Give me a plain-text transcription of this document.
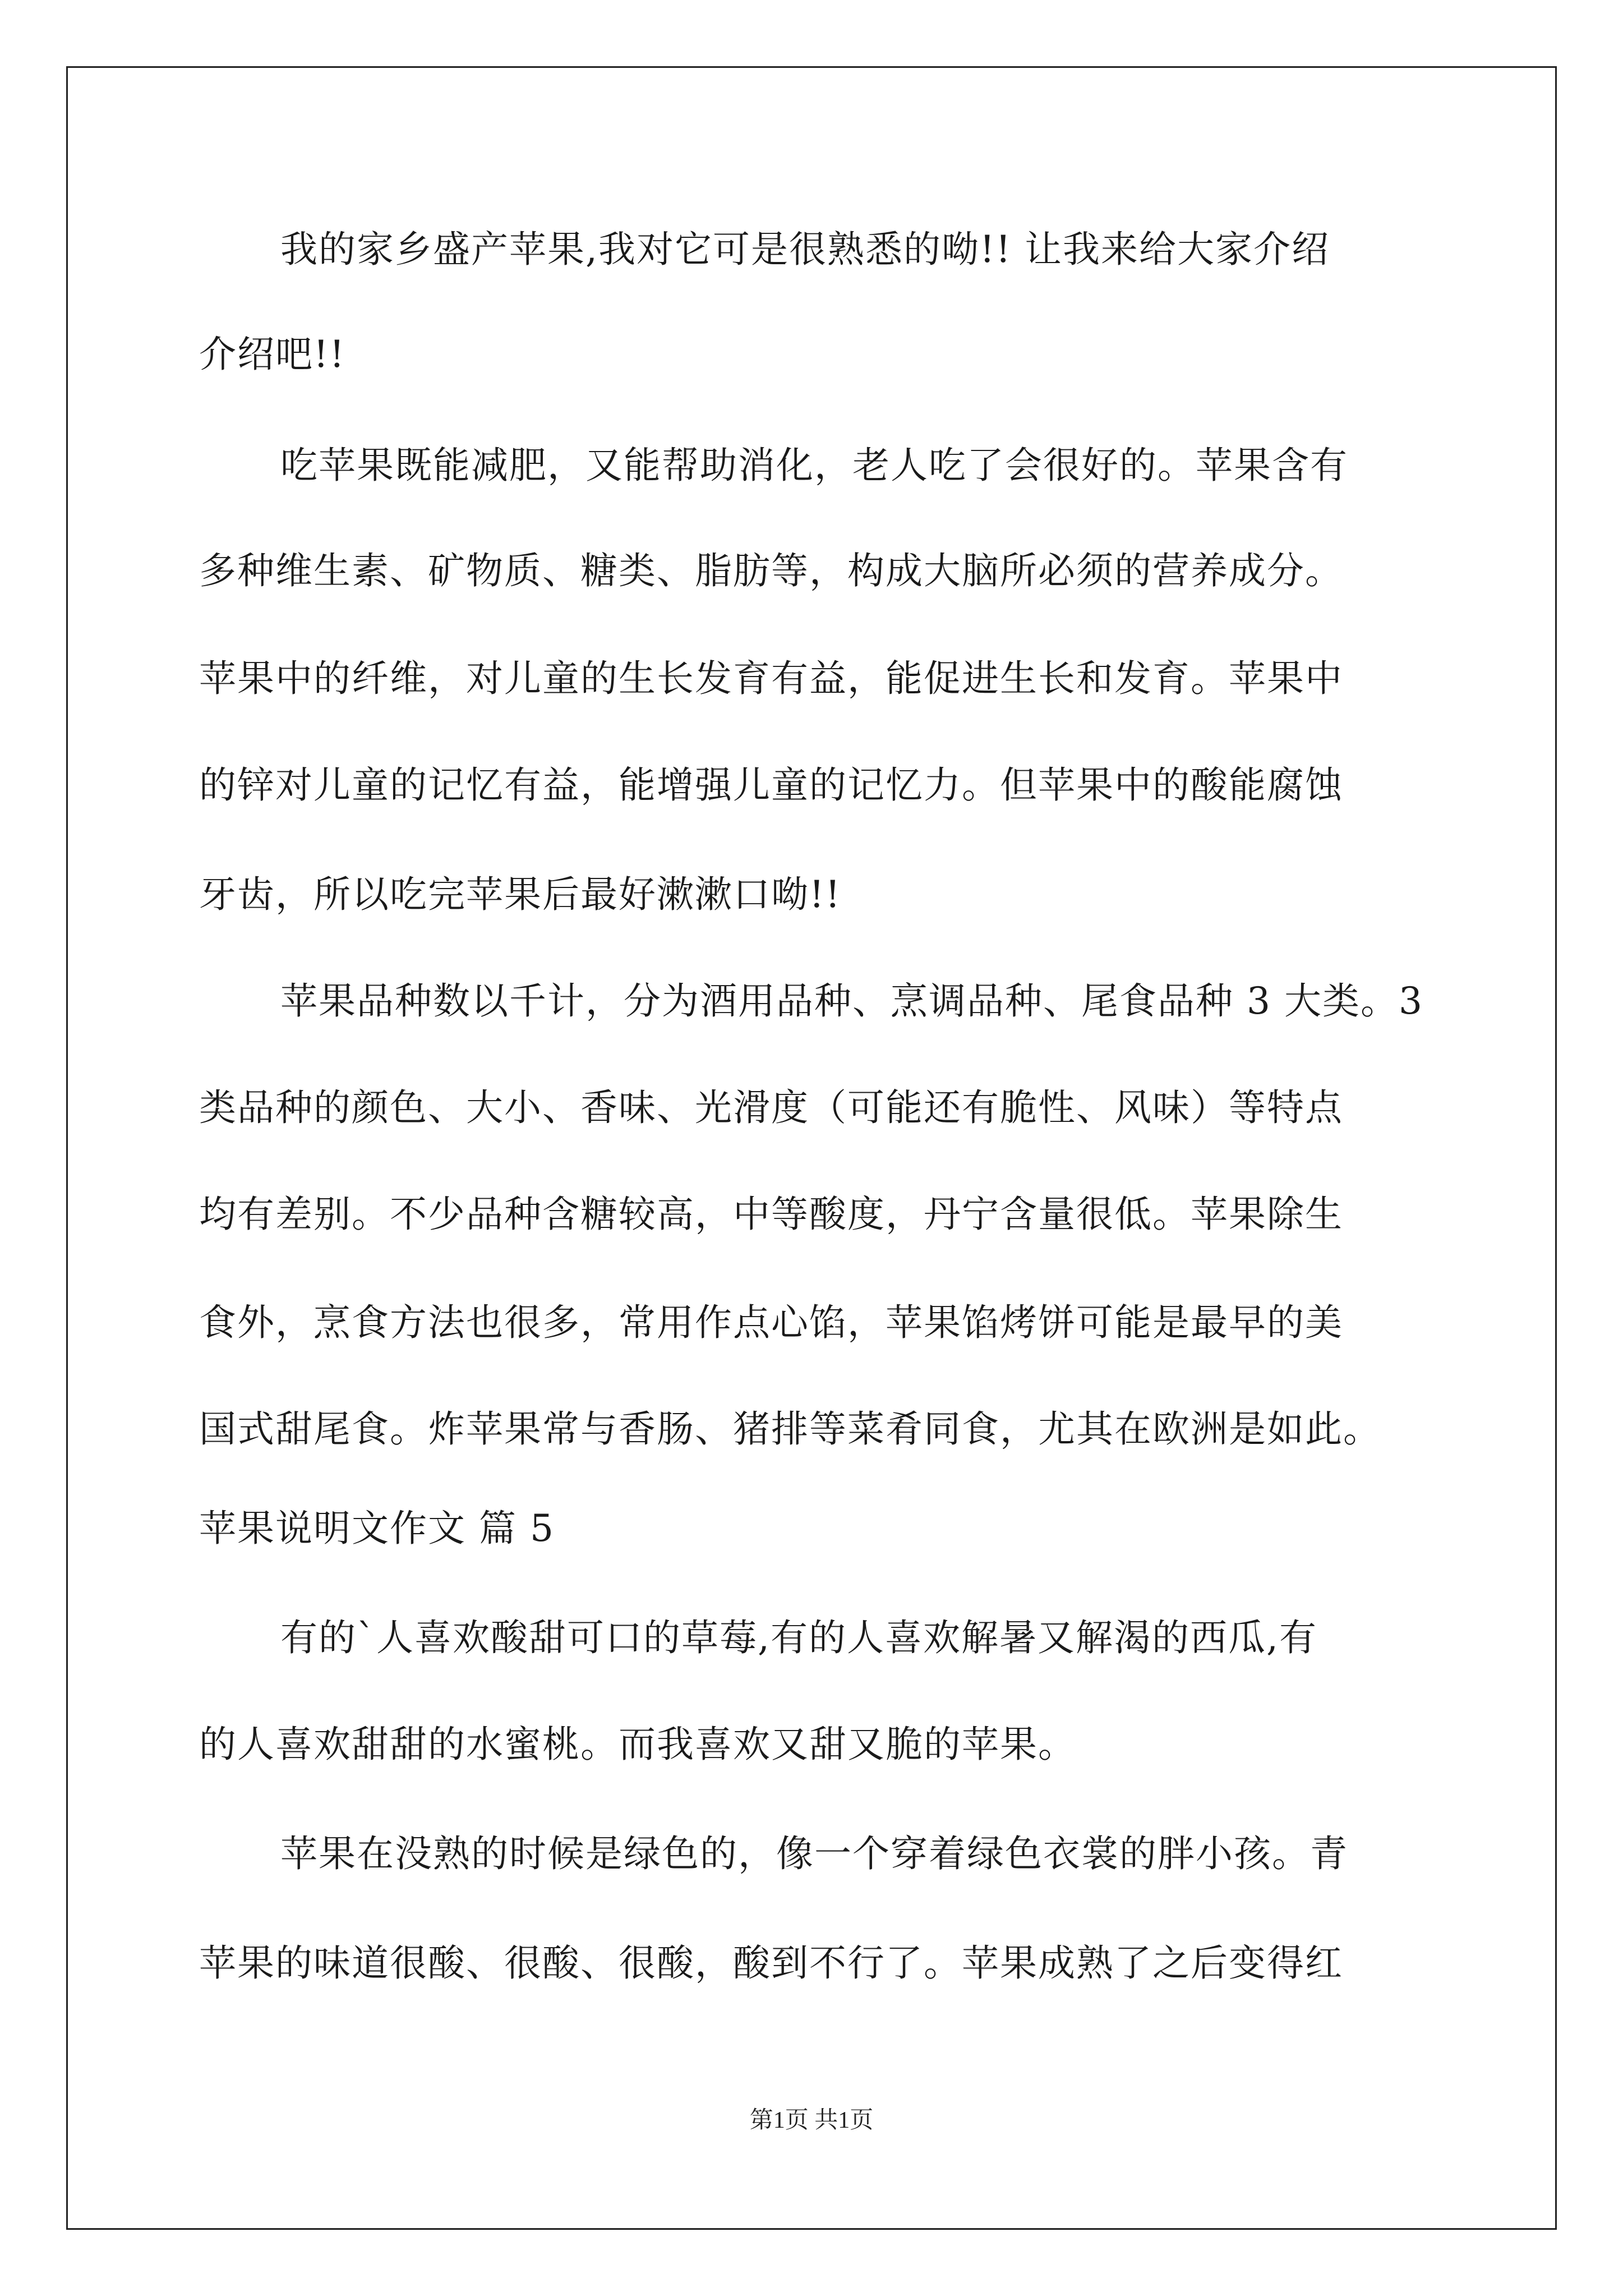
我的家乡盛产苹果,我对它可是很熟悉的呦!! 让我来给大家介绍
介绍吧!!
吃苹果既能减肥，又能帮助消化，老人吃了会很好的。苹果含有
多种维生素、矿物质、糖类、脂肪等，构成大脑所必须的营养成分。
苹果中的纤维，对儿童的生长发育有益，能促进生长和发育。苹果中
的锌对儿童的记忆有益，能增强儿童的记忆力。但苹果中的酸能腐蚀
牙齿，所以吃完苹果后最好漱漱口呦!!
苹果品种数以千计，分为酒用品种、烹调品种、尾食品种 3 大类。3
类品种的颜色、大小、香味、光滑度（可能还有脆性、风味）等特点
均有差别。不少品种含糖较高，中等酸度，丹宁含量很低。苹果除生
食外，烹食方法也很多，常用作点心馅，苹果馅烤饼可能是最早的美
国式甜尾食。炸苹果常与香肠、猪排等菜肴同食，尤其在欧洲是如此。
苹果说明文作文 篇 5
有的`人喜欢酸甜可口的草莓,有的人喜欢解暑又解渴的西瓜,有
的人喜欢甜甜的水蜜桃。而我喜欢又甜又脆的苹果。
苹果在没熟的时候是绿色的，像一个穿着绿色衣裳的胖小孩。青
苹果的味道很酸、很酸、很酸，酸到不行了。苹果成熟了之后变得红
第1页 共1页
